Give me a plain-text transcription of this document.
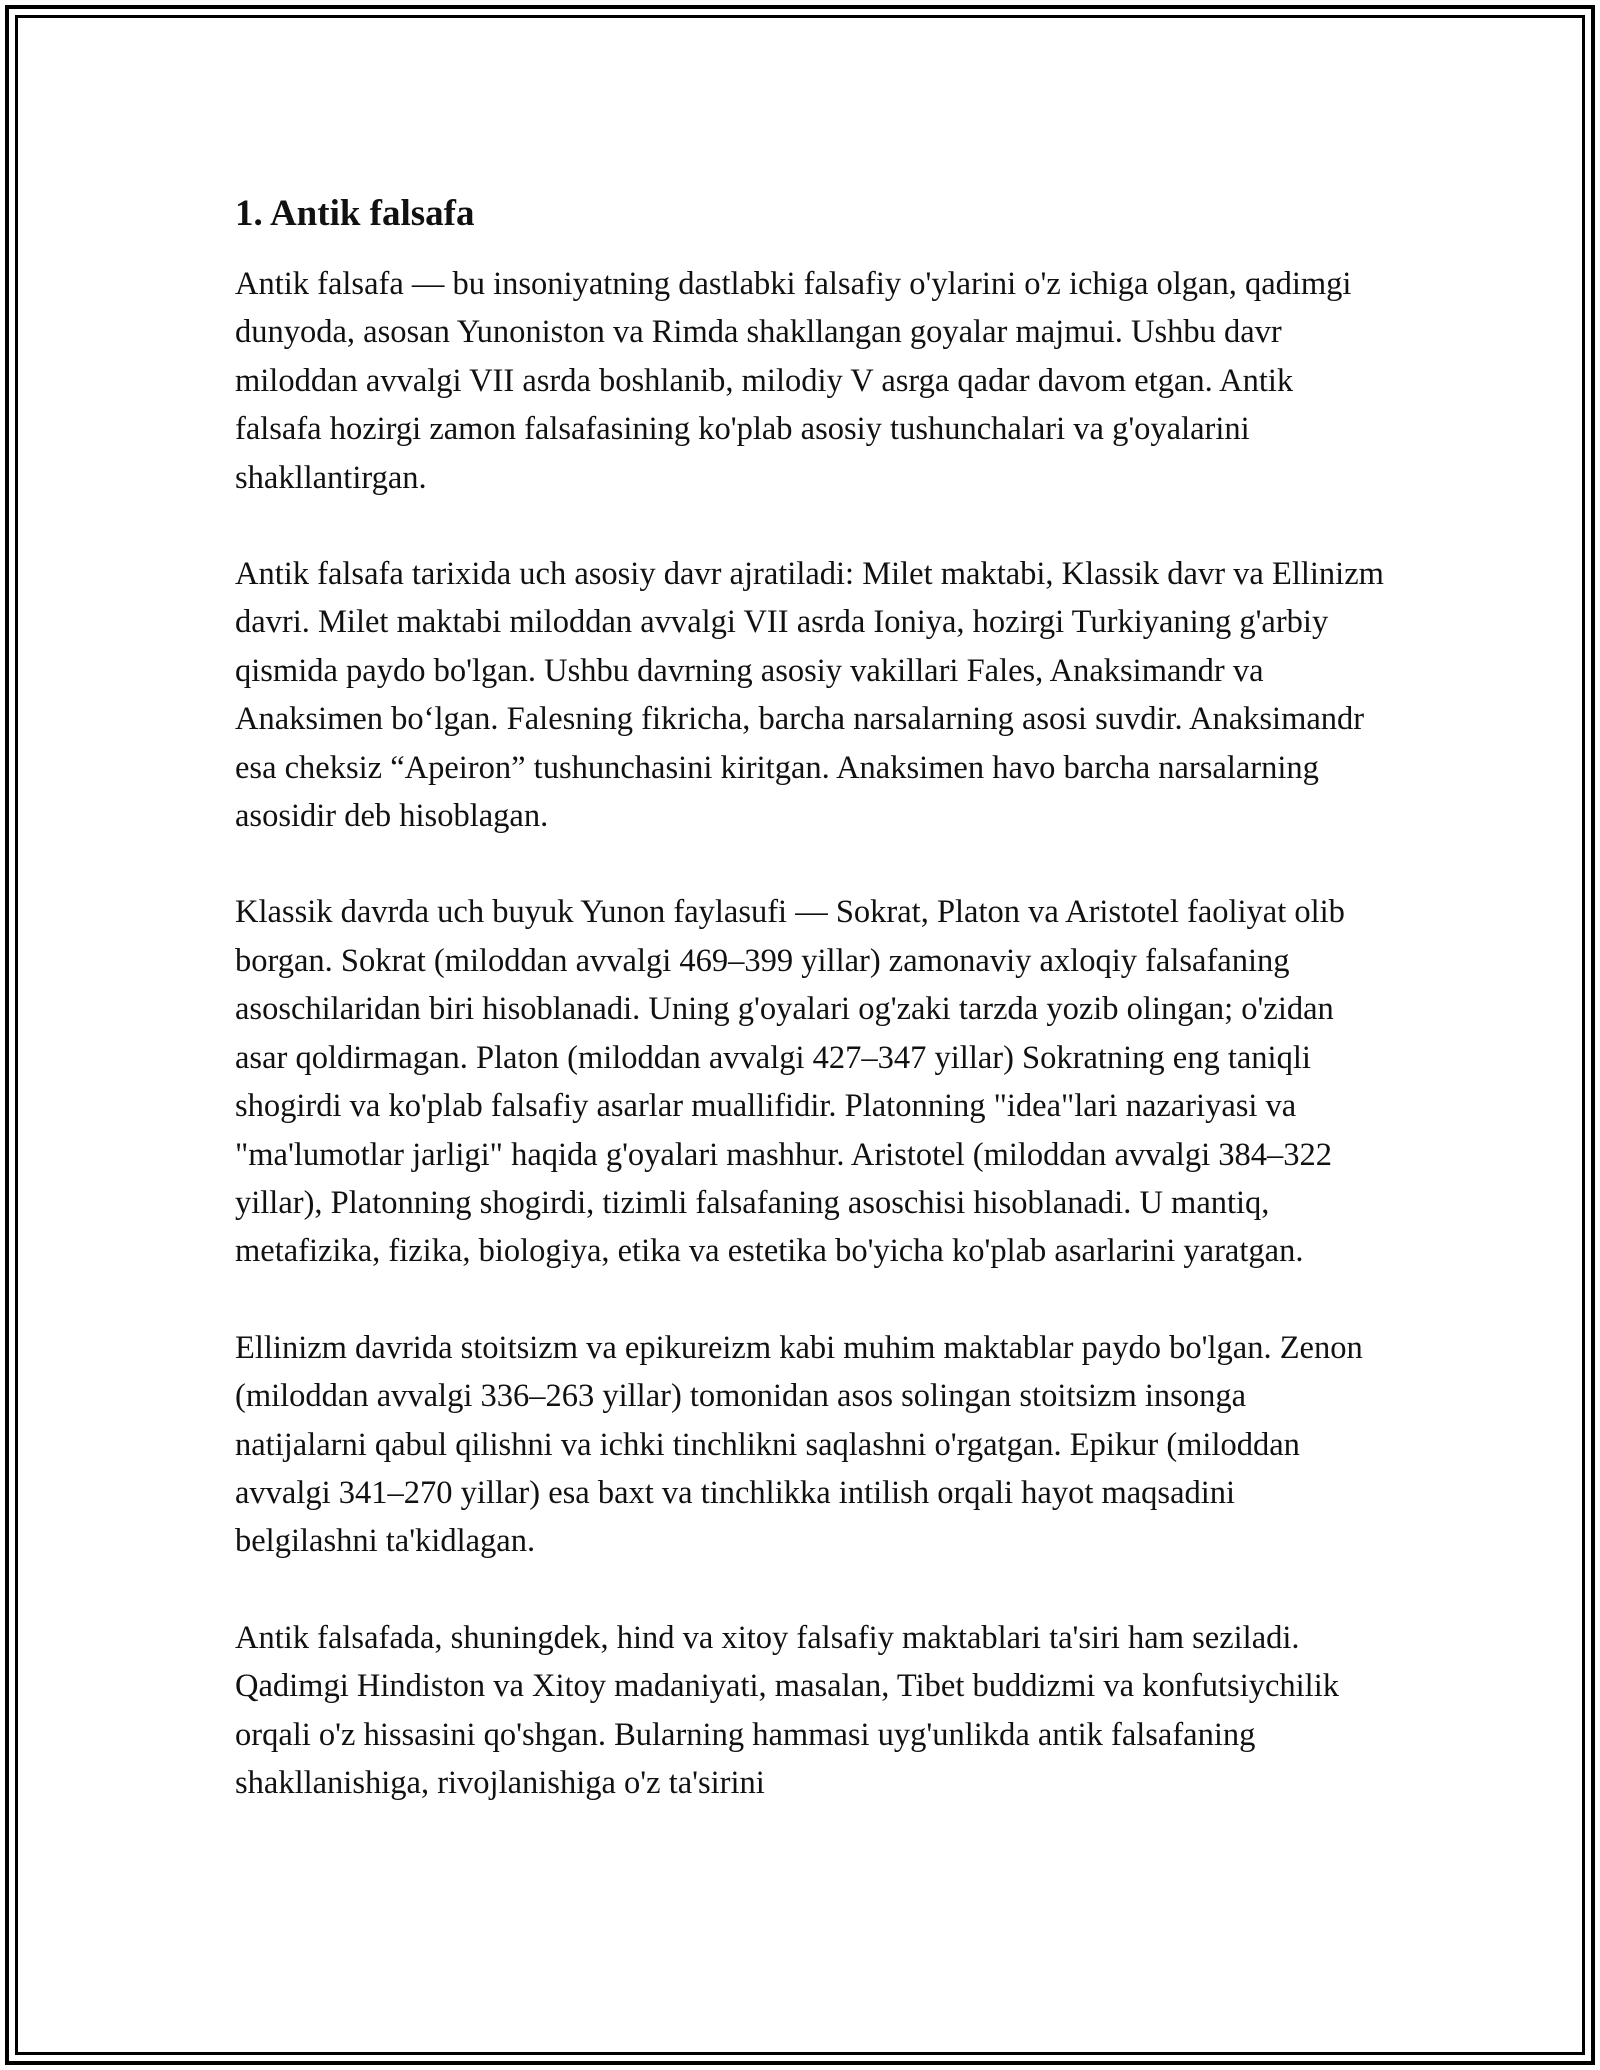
1. Antik falsafa

Antik falsafa — bu insoniyatning dastlabki falsafiy o'ylarini o'z ichiga olgan, qadimgi dunyoda, asosan Yunoniston va Rimda shakllangan goyalar majmui. Ushbu davr miloddan avvalgi VII asrda boshlanib, milodiy V asrga qadar davom etgan. Antik falsafa hozirgi zamon falsafasining ko'plab asosiy tushunchalari va g'oyalarini shakllantirgan.

Antik falsafa tarixida uch asosiy davr ajratiladi: Milet maktabi, Klassik davr va Ellinizm davri. Milet maktabi miloddan avvalgi VII asrda Ioniya, hozirgi Turkiyaning g'arbiy qismida paydo bo'lgan. Ushbu davrning asosiy vakillari Fales, Anaksimandr va Anaksimen bo‘lgan. Falesning fikricha, barcha narsalarning asosi suvdir. Anaksimandr esa cheksiz “Apeiron” tushunchasini kiritgan. Anaksimen havo barcha narsalarning asosidir deb hisoblagan.

Klassik davrda uch buyuk Yunon faylasufi — Sokrat, Platon va Aristotel faoliyat olib borgan. Sokrat (miloddan avvalgi 469–399 yillar) zamonaviy axloqiy falsafaning asoschilaridan biri hisoblanadi. Uning g'oyalari og'zaki tarzda yozib olingan; o'zidan asar qoldirmagan. Platon (miloddan avvalgi 427–347 yillar) Sokratning eng taniqli shogirdi va ko'plab falsafiy asarlar muallifidir. Platonning "idea"lari nazariyasi va "ma'lumotlar jarligi" haqida g'oyalari mashhur. Aristotel (miloddan avvalgi 384–322 yillar), Platonning shogirdi, tizimli falsafaning asoschisi hisoblanadi. U mantiq, metafizika, fizika, biologiya, etika va estetika bo'yicha ko'plab asarlarini yaratgan.

Ellinizm davrida stoitsizm va epikureizm kabi muhim maktablar paydo bo'lgan. Zenon (miloddan avvalgi 336–263 yillar) tomonidan asos solingan stoitsizm insonga natijalarni qabul qilishni va ichki tinchlikni saqlashni o'rgatgan. Epikur (miloddan avvalgi 341–270 yillar) esa baxt va tinchlikka intilish orqali hayot maqsadini belgilashni ta'kidlagan.

Antik falsafada, shuningdek, hind va xitoy falsafiy maktablari ta'siri ham seziladi. Qadimgi Hindiston va Xitoy madaniyati, masalan, Tibet buddizmi va konfutsiychilik orqali o'z hissasini qo'shgan. Bularning hammasi uyg'unlikda antik falsafaning shakllanishiga, rivojlanishiga o'z ta'sirini
